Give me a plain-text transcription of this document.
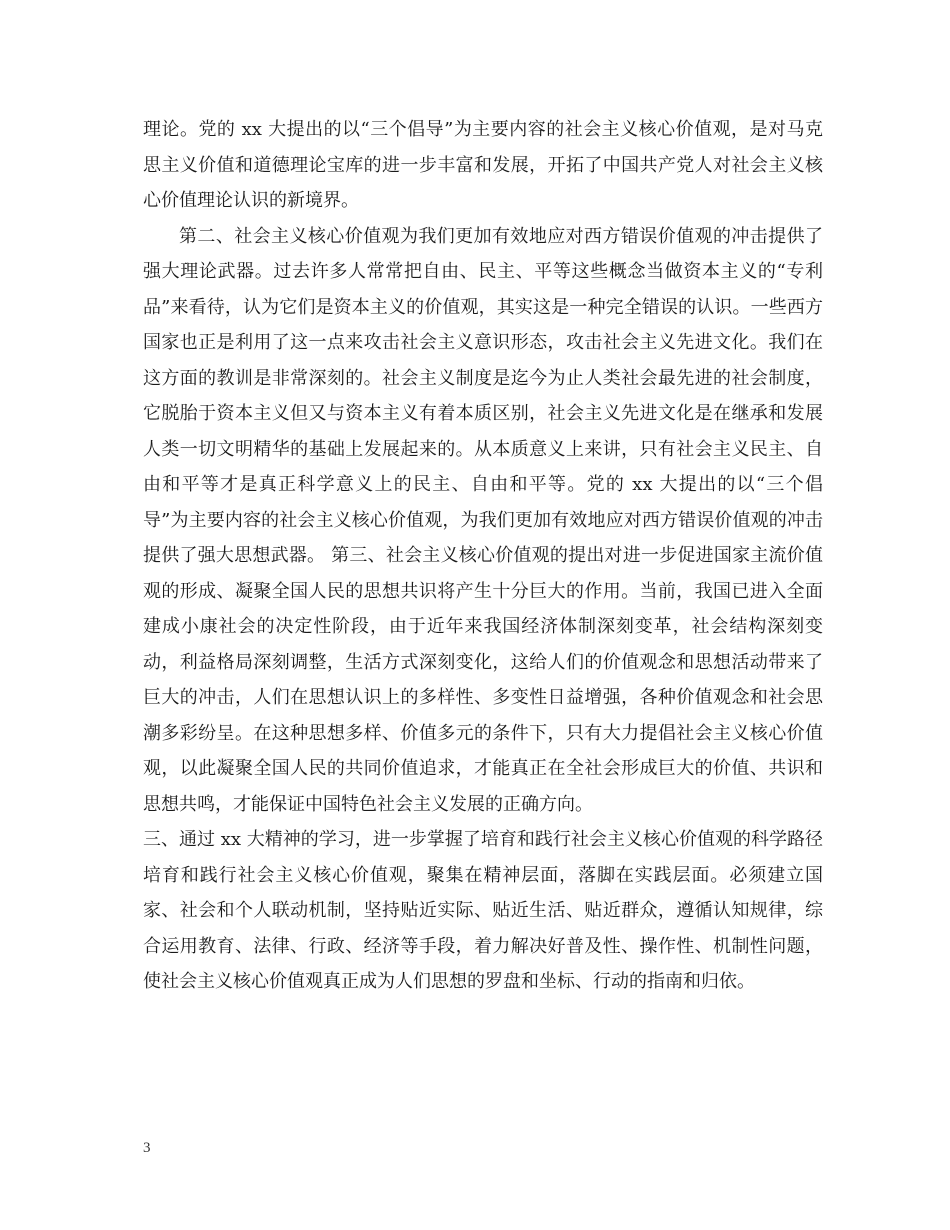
理论。党的 xx 大提出的以“三个倡导”为主要内容的社会主义核心价值观，是对马克思主义价值和道德理论宝库的进一步丰富和发展，开拓了中国共产党人对社会主义核心价值理论认识的新境界。

第二、社会主义核心价值观为我们更加有效地应对西方错误价值观的冲击提供了强大理论武器。过去许多人常常把自由、民主、平等这些概念当做资本主义的“专利品”来看待，认为它们是资本主义的价值观，其实这是一种完全错误的认识。一些西方国家也正是利用了这一点来攻击社会主义意识形态，攻击社会主义先进文化。我们在这方面的教训是非常深刻的。社会主义制度是迄今为止人类社会最先进的社会制度，它脱胎于资本主义但又与资本主义有着本质区别，社会主义先进文化是在继承和发展人类一切文明精华的基础上发展起来的。从本质意义上来讲，只有社会主义民主、自由和平等才是真正科学意义上的民主、自由和平等。党的 xx 大提出的以“三个倡导”为主要内容的社会主义核心价值观，为我们更加有效地应对西方错误价值观的冲击提供了强大思想武器。 第三、社会主义核心价值观的提出对进一步促进国家主流价值观的形成、凝聚全国人民的思想共识将产生十分巨大的作用。当前，我国已进入全面建成小康社会的决定性阶段，由于近年来我国经济体制深刻变革，社会结构深刻变动，利益格局深刻调整，生活方式深刻变化，这给人们的价值观念和思想活动带来了巨大的冲击，人们在思想认识上的多样性、多变性日益增强，各种价值观念和社会思潮多彩纷呈。在这种思想多样、价值多元的条件下，只有大力提倡社会主义核心价值观，以此凝聚全国人民的共同价值追求，才能真正在全社会形成巨大的价值、共识和思想共鸣，才能保证中国特色社会主义发展的正确方向。

三、通过 xx 大精神的学习，进一步掌握了培育和践行社会主义核心价值观的科学路径　　培育和践行社会主义核心价值观，聚集在精神层面，落脚在实践层面。必须建立国家、社会和个人联动机制，坚持贴近实际、贴近生活、贴近群众，遵循认知规律，综合运用教育、法律、行政、经济等手段，着力解决好普及性、操作性、机制性问题，使社会主义核心价值观真正成为人们思想的罗盘和坐标、行动的指南和归依。

3
